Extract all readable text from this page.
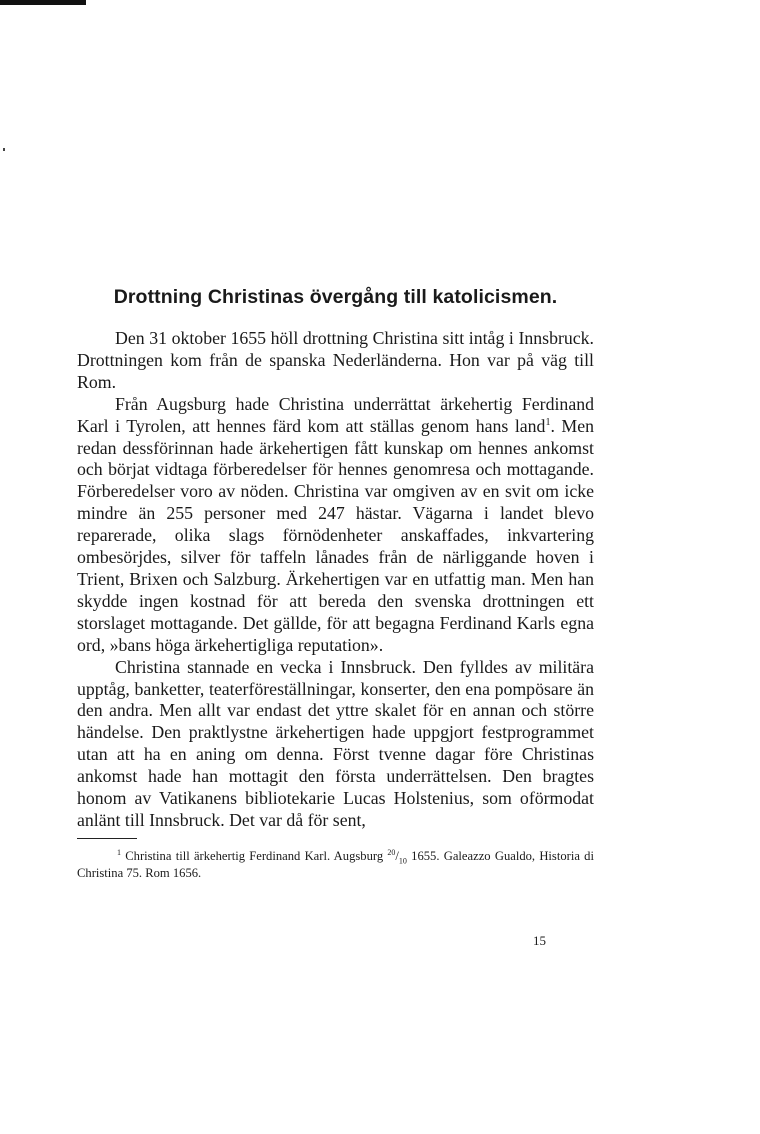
Drottning Christinas övergång till katolicismen.

Den 31 oktober 1655 höll drottning Christina sitt intåg i Innsbruck. Drottningen kom från de spanska Nederländerna. Hon var på väg till Rom.

Från Augsburg hade Christina underrättat ärkehertig Ferdinand Karl i Tyrolen, att hennes färd kom att ställas genom hans land$^1$. Men redan dessförinnan hade ärkehertigen fått kunskap om hennes ankomst och börjat vidtaga förberedelser för hennes genomresa och mottagande. Förberedelser voro av nöden. Christina var omgiven av en svit om icke mindre än 255 personer med 247 hästar. Vägarna i landet blevo reparerade, olika slags förnödenheter anskaffades, inkvartering ombesörjdes, silver för taffeln lånades från de närliggande hoven i Trient, Brixen och Salzburg. Ärkehertigen var en utfattig man. Men han skydde ingen kostnad för att bereda den svenska drottningen ett storslaget mottagande. Det gällde, för att begagna Ferdinand Karls egna ord, »bans höga ärkehertigliga reputation».

Christina stannade en vecka i Innsbruck. Den fylldes av militära upptåg, banketter, teaterföreställningar, konserter, den ena pompösare än den andra. Men allt var endast det yttre skalet för en annan och större händelse. Den praktlystne ärkehertigen hade uppgjort festprogrammet utan att ha en aning om denna. Först tvenne dagar före Christinas ankomst hade han mottagit den första underrättelsen. Den bragtes honom av Vatikanens bibliotekarie Lucas Holstenius, som oförmodat anlänt till Innsbruck. Det var då för sent,

$^1$ Christina till ärkehertig Ferdinand Karl. Augsburg $^{20}/_{10}$ 1655. Galeazzo Gualdo, Historia di Christina 75. Rom 1656.

15
